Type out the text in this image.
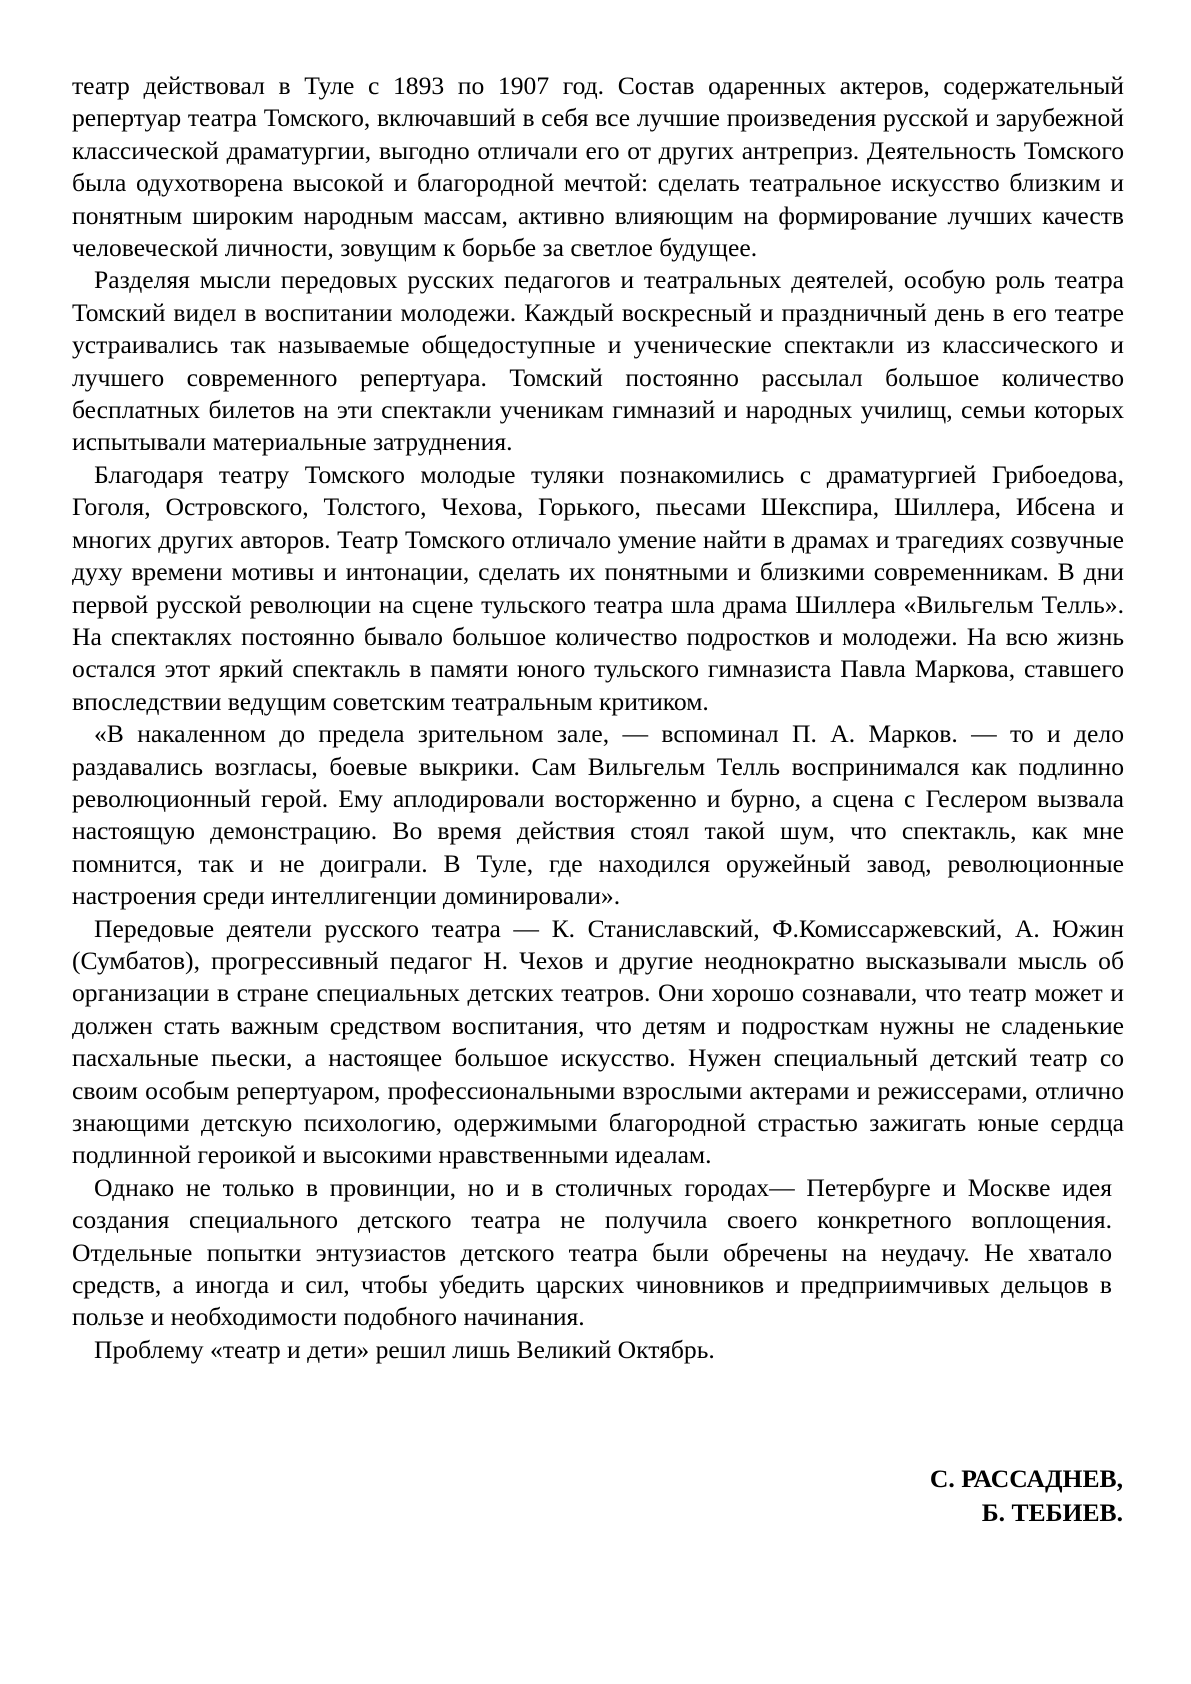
театр действовал в Туле с 1893 по 1907 год. Состав одаренных актеров, содержательный репертуар театра Томского, включавший в себя все лучшие произведения русской и зарубежной классической драматургии, выгодно отличали его от других антреприз. Деятельность Томского была одухотворена высокой и благородной мечтой: сделать театральное искусство близким и понятным широким народным массам, активно влияющим на формирование лучших качеств человеческой личности, зовущим к борьбе за светлое будущее.

Разделяя мысли передовых русских педагогов и театральных деятелей, особую роль театра Томский видел в воспитании молодежи. Каждый воскресный и праздничный день в его театре устраивались так называемые общедоступные и ученические спектакли из классического и лучшего современного репертуара. Томский постоянно рассылал большое количество бесплатных билетов на эти спектакли ученикам гимназий и народных училищ, семьи которых испытывали материальные затруднения.

Благодаря театру Томского молодые туляки познакомились с драматургией Грибоедова, Гоголя, Островского, Толстого, Чехова, Горького, пьесами Шекспира, Шиллера, Ибсена и многих других авторов. Театр Томского отличало умение найти в драмах и трагедиях созвучные духу времени мотивы и интонации, сделать их понятными и близкими современникам. В дни первой русской революции на сцене тульского театра шла драма Шиллера «Вильгельм Телль». На спектаклях постоянно бывало большое количество подростков и молодежи. На всю жизнь остался этот яркий спектакль в памяти юного тульского гимназиста Павла Маркова, ставшего впоследствии ведущим советским театральным критиком.

«В накаленном до предела зрительном зале, — вспоминал П. А. Марков. — то и дело раздавались возгласы, боевые выкрики. Сам Вильгельм Телль воспринимался как подлинно революционный герой. Ему аплодировали восторженно и бурно, а сцена с Геслером вызвала настоящую демонстрацию. Во время действия стоял такой шум, что спектакль, как мне помнится, так и не доиграли. В Туле, где находился оружейный завод, революционные настроения среди интеллигенции доминировали».

Передовые деятели русского театра — К. Станиславский, Ф.Комиссаржевский, А. Южин (Сумбатов), прогрессивный педагог Н. Чехов и другие неоднократно высказывали мысль об организации в стране специальных детских театров. Они хорошо сознавали, что театр может и должен стать важным средством воспитания, что детям и подросткам нужны не сладенькие пасхальные пьески, а настоящее большое искусство. Нужен специальный детский театр со своим особым репертуаром, профессиональными взрослыми актерами и режиссерами, отлично знающими детскую психологию, одержимыми благородной страстью зажигать юные сердца подлинной героикой и высокими нравственными идеалам.

Однако не только в провинции, но и в столичных городах— Петербурге и Москве идея создания специального детского театра не получила своего конкретного воплощения. Отдельные попытки энтузиастов детского театра были обречены на неудачу. Не хватало средств, а иногда и сил, чтобы убедить царских чиновников и предприимчивых дельцов в пользе и необходимости подобного начинания.

Проблему «театр и дети» решил лишь Великий Октябрь.

С. РАССАДНЕВ,
Б. ТЕБИЕВ.
